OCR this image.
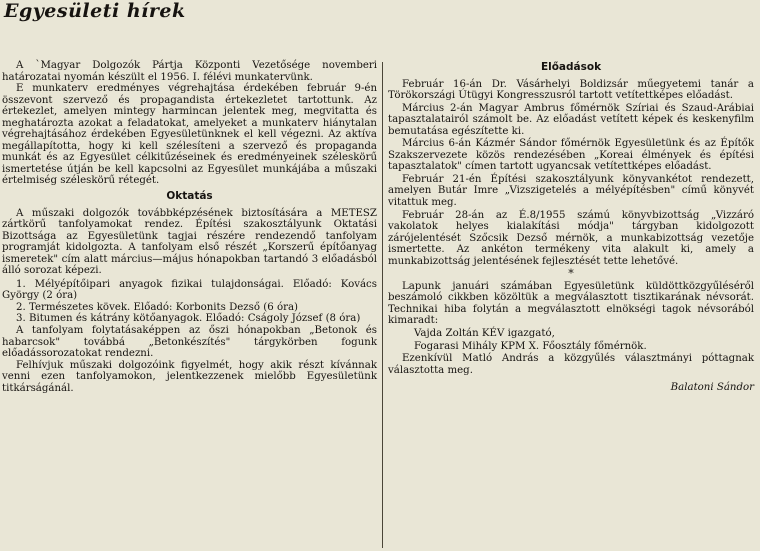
Egyesületi hírek

A `Magyar Dolgozók Pártja Központi Vezetősége novemberi határozatai nyomán készült el 1956. I. félévi munkatervünk.

E munkaterv eredményes végrehajtása érdekében február 9-én összevont szervező és propagandista értekezletet tartottunk. Az értekezlet, amelyen mintegy harmincan jelentek meg, megvitatta és meghatározta azokat a feladatokat, amelyeket a munkaterv hiánytalan végrehajtásához érdekében Egyesületünknek el kell végezni. Az aktíva megállapította, hogy ki kell szélesíteni a szervező és propaganda munkát és az Egyesület célkitűzéseinek és eredményeinek széleskörű ismertetése útján be kell kapcsolni az Egyesület munkájába a műszaki értelmiség széleskörű rétegét.

Oktatás

A műszaki dolgozók továbbképzésének biztosítására a METESZ zártkörű tanfolyamokat rendez. Építési szakosztályunk Oktatási Bizottsága az Egyesületünk tagjai részére rendezendő tanfolyam programját kidolgozta. A tanfolyam első részét „Korszerű építőanyag ismeretek" cím alatt március—május hónapokban tartandó 3 előadásból álló sorozat képezi.

1. Mélyépítőipari anyagok fizikai tulajdonságai. Előadó: Kovács György (2 óra)

2. Természetes kövek. Előadó: Korbonits Dezső (6 óra)

3. Bitumen és kátrány kötőanyagok. Előadó: Cságoly József (8 óra)

A tanfolyam folytatásaképpen az őszi hónapokban „Betonok és habarcsok" továbbá „Betonkészítés" tárgykörben fogunk előadássorozatokat rendezni.

Felhívjuk műszaki dolgozóink figyelmét, hogy akik részt kívánnak venni ezen tanfolyamokon, jelentkezzenek mielőbb Egyesületünk titkárságánál.

Előadások

Február 16-án Dr. Vásárhelyi Boldizsár műegyetemi tanár a Törökországi Útügyi Kongresszusról tartott vetítettképes előadást.

Március 2-án Magyar Ambrus főmérnök Szíriai és Szaud-Arábiai tapasztalatairól számolt be. Az előadást vetített képek és keskenyfilm bemutatása egészítette ki.

Március 6-án Kázmér Sándor főmérnök Egyesületünk és az Építők Szakszervezete közös rendezésében „Koreai élmények és építési tapasztalatok" címen tartott ugyancsak vetítettképes előadást.

Február 21-én Építési szakosztályunk könyvankétot rendezett, amelyen Butár Imre „Vizszigetelés a mélyépítésben" című könyvét vitattuk meg.

Február 28-án az É.8/1955 számú könyvbizottság „Vizzáró vakolatok helyes kialakítási módja" tárgyban kidolgozott zárójelentését Szőcsik Dezső mérnök, a munkabizottság vezetője ismertette. Az ankéton termékeny vita alakult ki, amely a munkabizottság jelentésének fejlesztését tette lehetővé.

*

Lapunk januári számában Egyesületünk küldöttközgyűléséről beszámoló cikkben közöltük a megválasztott tisztikarának névsorát. Technikai hiba folytán a megválasztott elnökségi tagok névsorából kimaradt:

Vajda Zoltán KÉV igazgató,

Fogarasi Mihály KPM X. Főosztály főmérnök.

Ezenkívül Matló András a közgyűlés választmányi póttagnak választotta meg.

Balatoni Sándor
